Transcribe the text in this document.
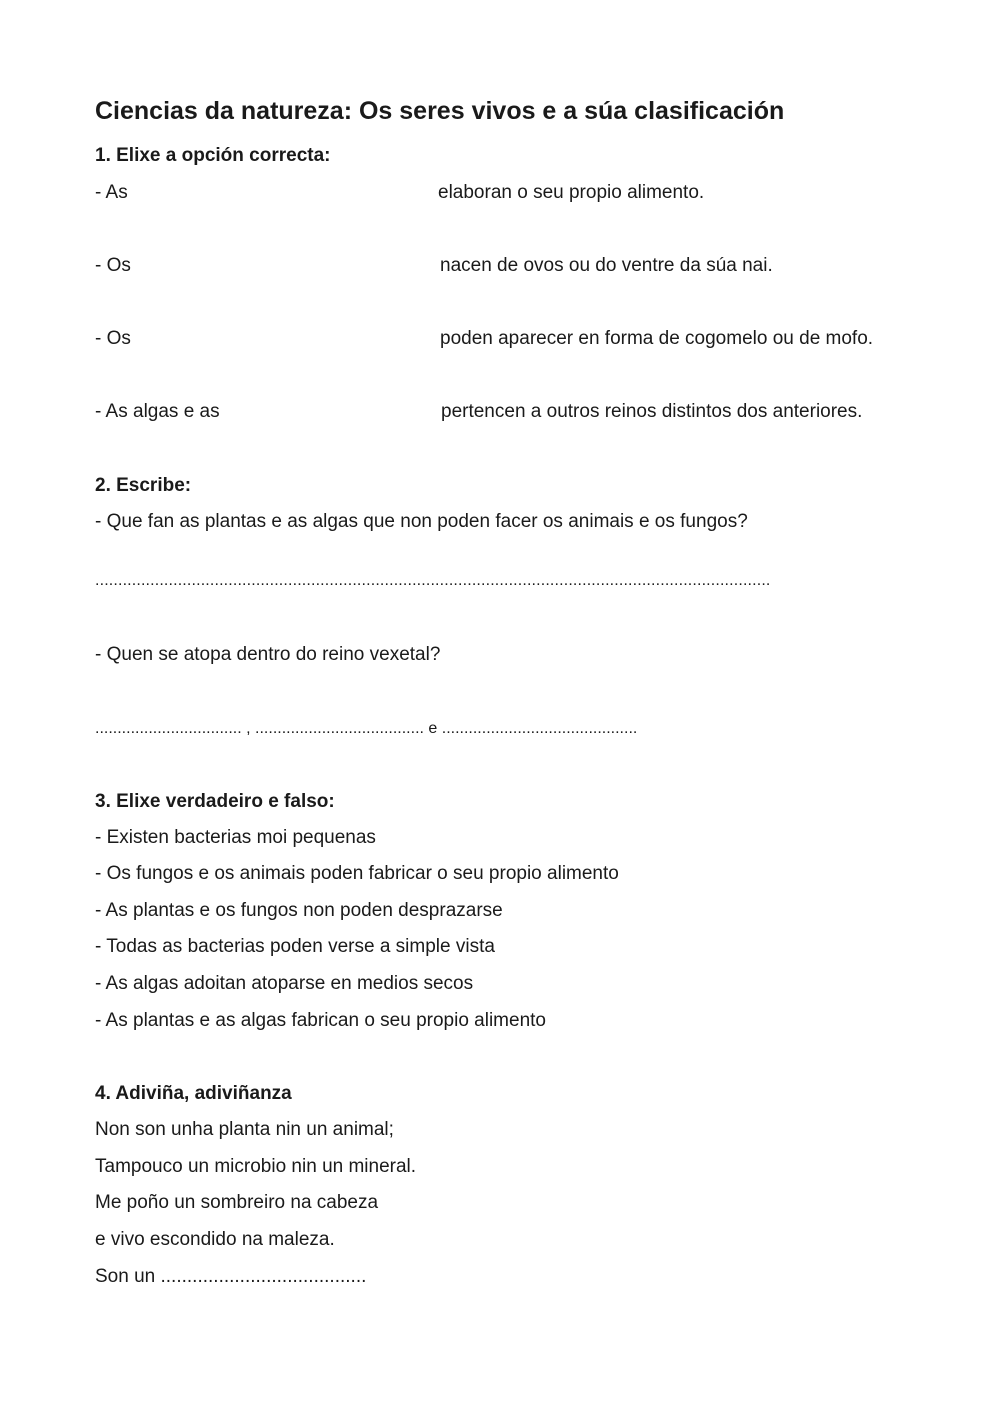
Ciencias da natureza: Os seres vivos e a súa clasificación
1. Elixe a opción correcta:
- As	elaboran o seu propio alimento.
- Os	nacen de ovos ou do ventre da súa nai.
- Os	poden aparecer en forma de cogomelo ou de mofo.
- As algas e as	pertencen a outros reinos distintos dos anteriores.
2. Escribe:
- Que fan as plantas e as algas que non poden facer os animais e os fungos?
...................................................................................................................................................
- Quen se atopa dentro do reino vexetal?
................................. , ...................................... e ............................................
3. Elixe verdadeiro e falso:
- Existen bacterias moi pequenas
- Os fungos e os animais poden fabricar o seu propio alimento
- As plantas e os fungos non poden desprazarse
- Todas as bacterias poden verse a simple vista
- As algas adoitan atoparse en medios secos
- As plantas e as algas fabrican o seu propio alimento
4. Adiviña, adiviñanza
Non son unha planta nin un animal;
Tampouco un microbio nin un mineral.
Me poño un sombreiro na cabeza
e vivo escondido na maleza.
Son un .......................................
